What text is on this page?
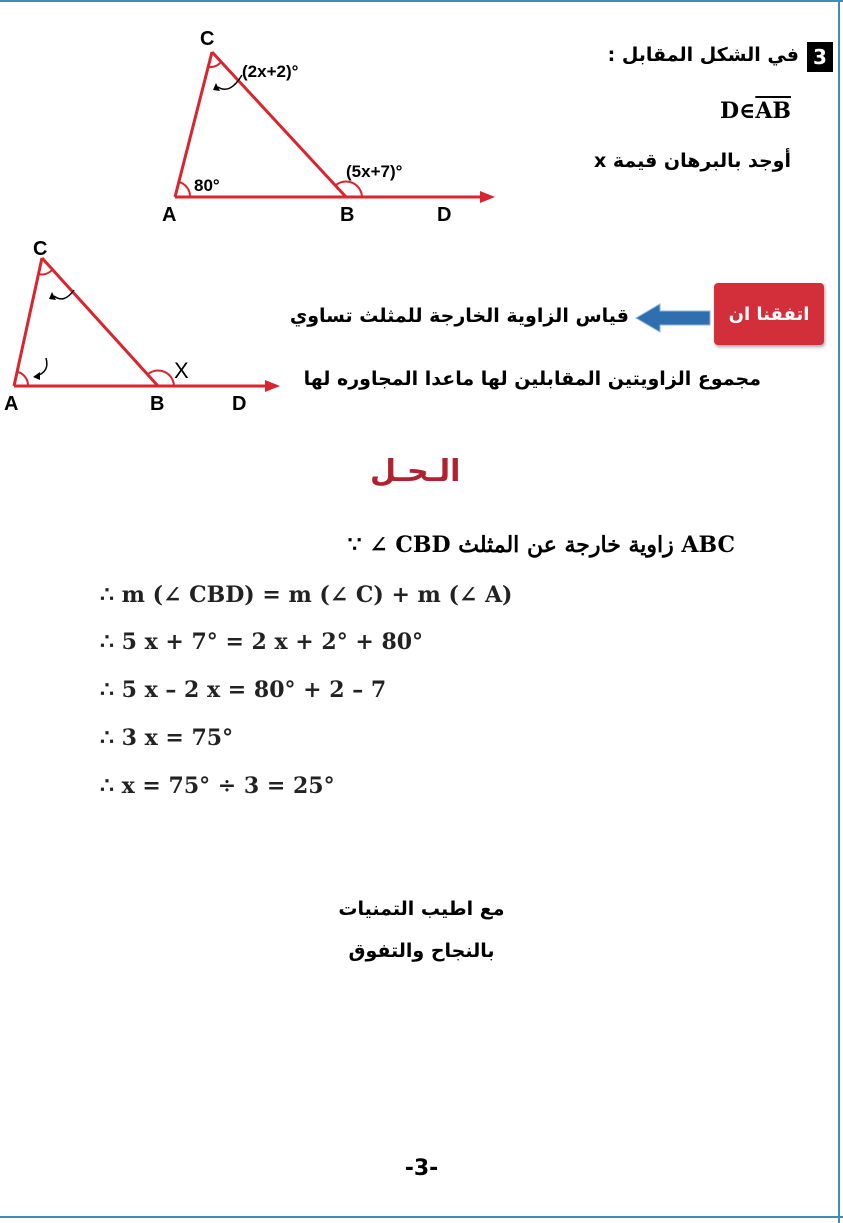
3
في الشكل المقابل :
$D\in\overline{AB}$
أوجد بالبرهان قيمة x
C
A	B	D
(2x+2)°
80°
(5x+7)°
C
A	B	D
X
اتفقنا ان
قياس الزاوية الخارجة للمثلث تساوي
مجموع الزاويتين المقابلين لها ماعدا المجاوره لها
الـحـل
∵ ∠ CBD زاوية خارجة عن المثلث ABC
∴ m (∠ CBD) = m (∠ C) + m (∠ A)
∴ 5 x + 7° = 2 x + 2° + 80°
∴ 5 x – 2 x = 80° + 2 – 7
∴ 3 x = 75°
∴ x = 75° ÷ 3 = 25°
مع اطيب التمنيات
بالنجاح والتفوق
-3-
